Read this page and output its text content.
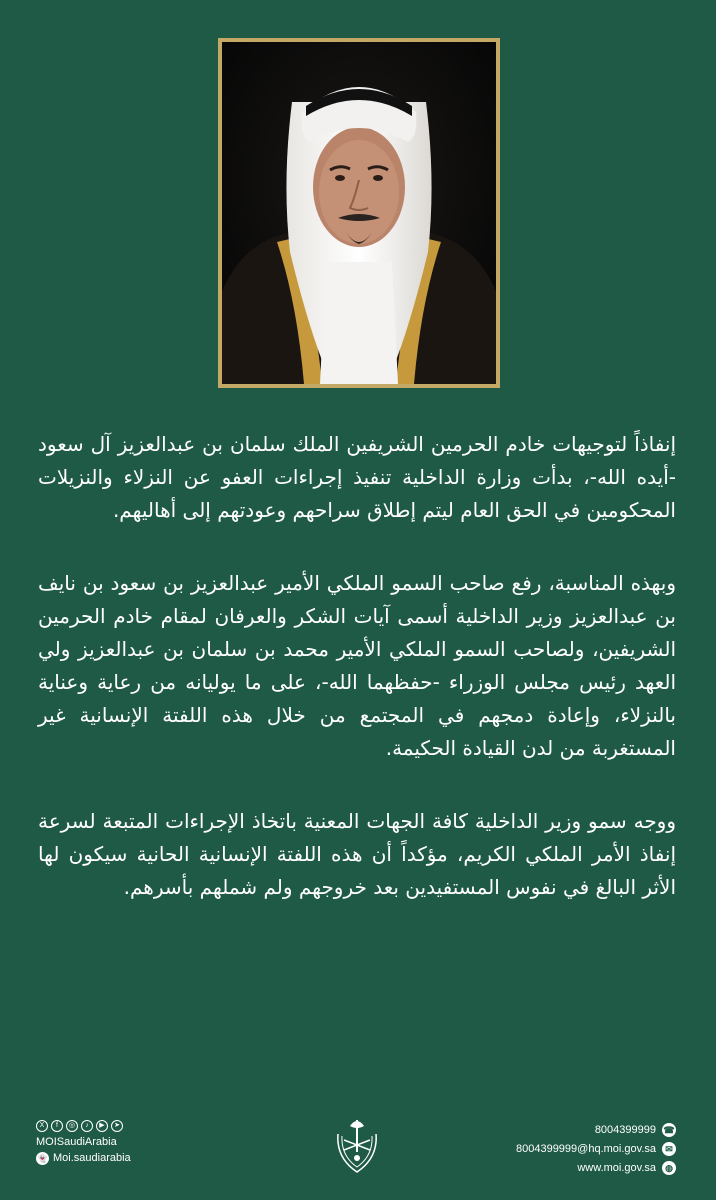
إنفاذاً لتوجيهات خادم الحرمين الشريفين الملك سلمان بن عبدالعزيز آل سعود -أيده الله-، بدأت وزارة الداخلية تنفيذ إجراءات العفو عن النزلاء والنزيلات المحكومين في الحق العام ليتم إطلاق سراحهم وعودتهم إلى أهاليهم.

وبهذه المناسبة، رفع صاحب السمو الملكي الأمير عبدالعزيز بن سعود بن نايف بن عبدالعزيز وزير الداخلية أسمى آيات الشكر والعرفان لمقام خادم الحرمين الشريفين، ولصاحب السمو الملكي الأمير محمد بن سلمان بن عبدالعزيز ولي العهد رئيس مجلس الوزراء -حفظهما الله-، على ما يوليانه من رعاية وعناية بالنزلاء، وإعادة دمجهم في المجتمع من خلال هذه اللفتة الإنسانية غير المستغربة من لدن القيادة الحكيمة.

ووجه سمو وزير الداخلية كافة الجهات المعنية باتخاذ الإجراءات المتبعة لسرعة إنفاذ الأمر الملكي الكريم، مؤكداً أن هذه اللفتة الإنسانية الحانية سيكون لها الأثر البالغ في نفوس المستفيدين بعد خروجهم ولم شملهم بأسرهم.

X	f	◎	♪	▶	➤
MOISaudiArabia
👻 Moi.saudiarabia
8004399999 ☎
8004399999@hq.moi.gov.sa	✉
www.moi.gov.sa	◍
